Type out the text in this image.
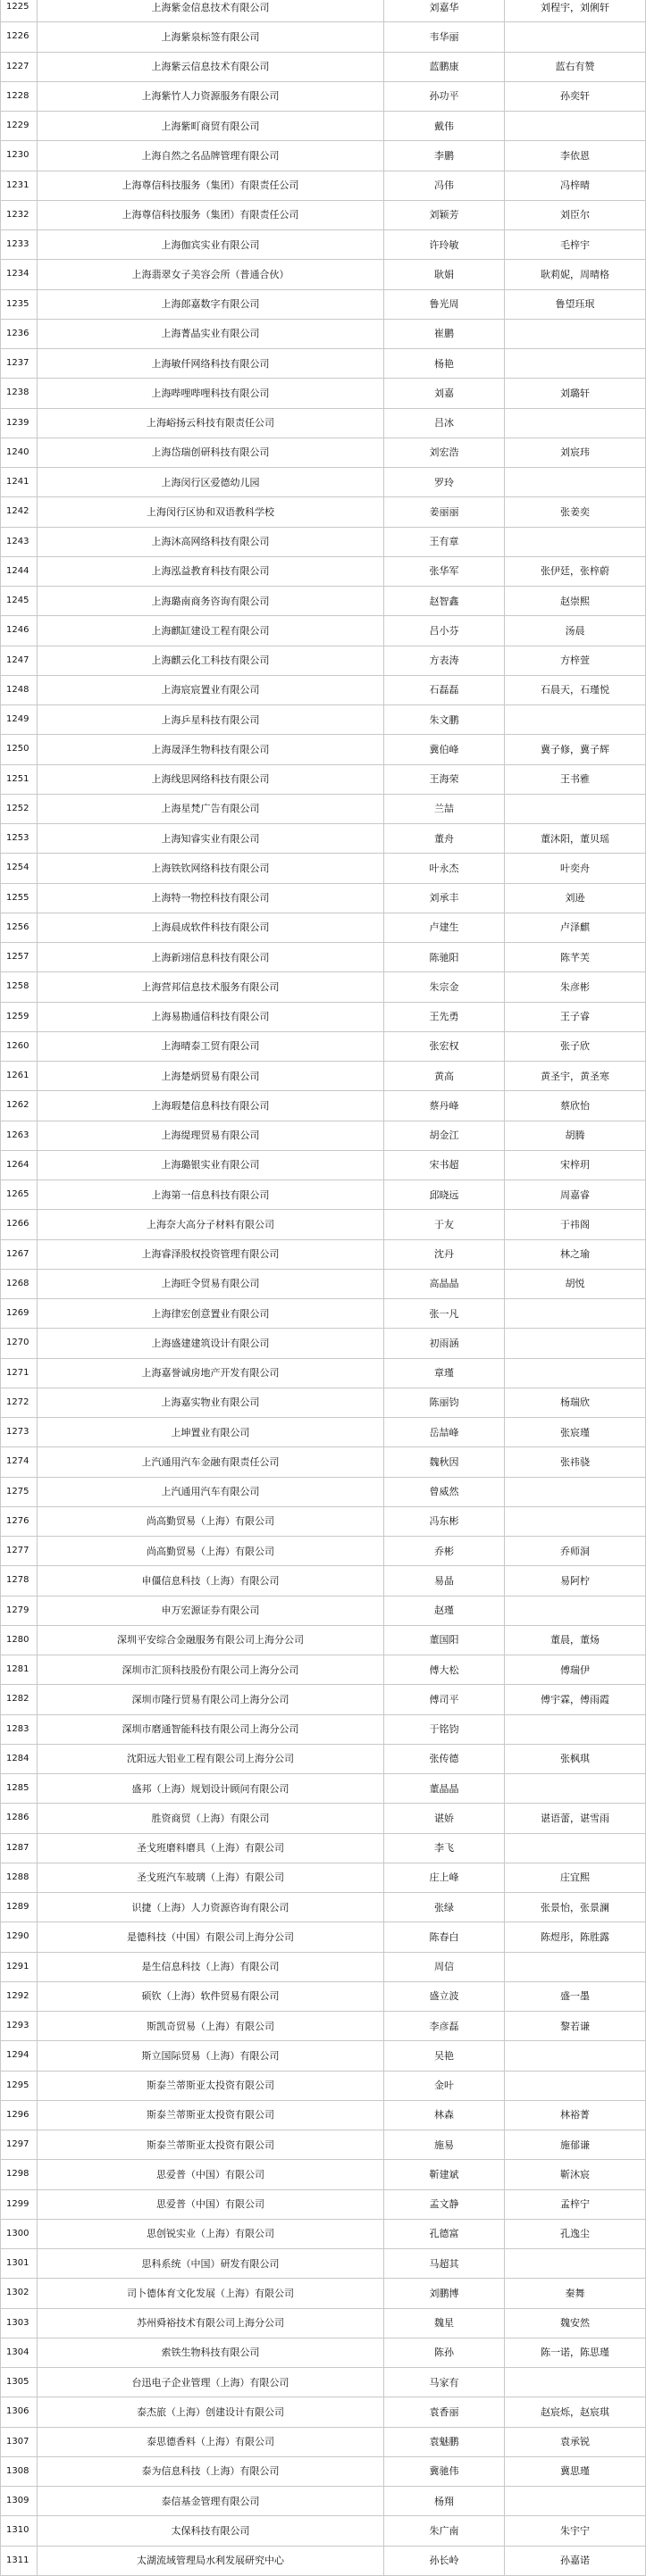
1225	上海紫金信息技术有限公司	刘嘉华	刘程宇，刘俐轩
1226	上海紫泉标签有限公司	韦华丽
1227	上海紫云信息技术有限公司	蓝鹏康	蓝右有赞
1228	上海紫竹人力资源服务有限公司	孙功平	孙奕轩
1229	上海紫町商贸有限公司	戴伟
1230	上海自然之名品牌管理有限公司	李鹏	李依恩
1231	上海尊信科技服务（集团）有限责任公司	冯伟	冯梓晴
1232	上海尊信科技服务（集团）有限责任公司	刘颖芳	刘臣尔
1233	上海伽宾实业有限公司	许玲敏	毛梓宇
1234	上海翡翠女子美容会所（普通合伙）	耿娟	耿莉妮，周晴格
1235	上海郎嘉数字有限公司	鲁光周	鲁望珏珉
1236	上海菁晶实业有限公司	崔鹏
1237	上海敏仟网络科技有限公司	杨艳
1238	上海哔哩哔哩科技有限公司	刘嘉	刘璐轩
1239	上海峪扬云科技有限责任公司	吕冰
1240	上海岱瑞创研科技有限公司	刘宏浩	刘宸玮
1241	上海闵行区爱德幼儿园	罗玲
1242	上海闵行区协和双语教科学校	姜丽丽	张姜奕
1243	上海沐高网络科技有限公司	王有章
1244	上海泓益教育科技有限公司	张华军	张伊廷，张梓蔚
1245	上海璐南商务咨询有限公司	赵智鑫	赵崇熙
1246	上海麒缸建设工程有限公司	吕小芬	汤晨
1247	上海麒云化工科技有限公司	方表涛	方梓萱
1248	上海宸宸置业有限公司	石磊磊	石晨天，石瑾悦
1249	上海乒星科技有限公司	朱文鹏
1250	上海晟泽生物科技有限公司	冀伯峰	冀子修，冀子辉
1251	上海线思网络科技有限公司	王海荣	王书雅
1252	上海星梵广告有限公司	兰喆
1253	上海知睿实业有限公司	董舟	董沐阳，董贝瑶
1254	上海铁钦网络科技有限公司	叶永杰	叶奕舟
1255	上海特一物控科技有限公司	刘承丰	刘逊
1256	上海晨成软件科技有限公司	卢建生	卢泽麒
1257	上海新翊信息科技有限公司	陈驰阳	陈芊芙
1258	上海营邦信息技术服务有限公司	朱宗金	朱彦彬
1259	上海易勘通信科技有限公司	王先勇	王子睿
1260	上海晴泰工贸有限公司	张宏权	张子欣
1261	上海楚炳贸易有限公司	黄高	黄圣宇，黄圣寒
1262	上海瑕楚信息科技有限公司	蔡丹峰	蔡欣怡
1263	上海缇理贸易有限公司	胡金江	胡腾
1264	上海璐银实业有限公司	宋书超	宋梓玥
1265	上海第一信息科技有限公司	邱晓远	周嘉睿
1266	上海奈大高分子材料有限公司	于友	于祎阁
1267	上海睿泽股权投资管理有限公司	沈丹	林之瑜
1268	上海旺令贸易有限公司	高晶晶	胡悦
1269	上海律宏创意置业有限公司	张一凡
1270	上海盛建建筑设计有限公司	初雨涵
1271	上海嘉誉诚房地产开发有限公司	章瑾
1272	上海嘉实物业有限公司	陈丽钧	杨瑞欣
1273	上坤置业有限公司	岳喆峰	张宸瑾
1274	上汽通用汽车金融有限责任公司	魏秋因	张祎骁
1275	上汽通用汽车有限公司	曾威然
1276	尚高勤贸易（上海）有限公司	冯东彬
1277	尚高勤贸易（上海）有限公司	乔彬	乔师洞
1278	申僵信息科技（上海）有限公司	易晶	易阿柠
1279	申万宏源证券有限公司	赵瑾
1280	深圳平安综合金融服务有限公司上海分公司	董国阳	董晨，董炀
1281	深圳市汇顶科技股份有限公司上海分公司	傅大松	傅瑞伊
1282	深圳市隆行贸易有限公司上海分公司	傅司平	傅宇霖，傅雨霞
1283	深圳市磨通智能科技有限公司上海分公司	于铭钧
1284	沈阳远大铝业工程有限公司上海分公司	张传德	张枫琪
1285	盛邦（上海）规划设计顾问有限公司	董晶晶
1286	胜资商贸（上海）有限公司	谌娇	谌语蕾，谌雪雨
1287	圣戈班磨料磨具（上海）有限公司	李飞
1288	圣戈班汽车玻璃（上海）有限公司	庄上峰	庄宜熙
1289	识捷（上海）人力资源咨询有限公司	张绿	张景怡，张景澜
1290	是德科技（中国）有限公司上海分公司	陈春白	陈煜彤，陈胜露
1291	是生信息科技（上海）有限公司	周信
1292	硕钦（上海）软件贸易有限公司	盛立波	盛一墨
1293	斯凯奇贸易（上海）有限公司	李彦磊	黎若谦
1294	斯立国际贸易（上海）有限公司	吴艳
1295	斯泰兰蒂斯亚太投资有限公司	金叶
1296	斯泰兰蒂斯亚太投资有限公司	林森	林裕菁
1297	斯泰兰蒂斯亚太投资有限公司	施易	施郁谦
1298	思爱普（中国）有限公司	靳建斌	靳沐宸
1299	思爱普（中国）有限公司	孟文静	孟梓宁
1300	思创锐实业（上海）有限公司	孔德富	孔逸尘
1301	思科系统（中国）研发有限公司	马超其
1302	司卜德体育文化发展（上海）有限公司	刘鹏博	秦舞
1303	苏州舜裕技术有限公司上海分公司	魏星	魏安然
1304	索铁生物科技有限公司	陈孙	陈一诺，陈思瑾
1305	台迅电子企业管理（上海）有限公司	马家有
1306	泰杰旅（上海）创建设计有限公司	袁香丽	赵宸烁，赵宸琪
1307	泰思德香料（上海）有限公司	袁魅鹏	袁承锐
1308	泰为信息科技（上海）有限公司	冀驰伟	冀思瑾
1309	泰信基金管理有限公司	杨翔
1310	太保科技有限公司	朱广南	朱宇宁
1311	太湖流域管理局水利发展研究中心	孙长岭	孙嘉诺
